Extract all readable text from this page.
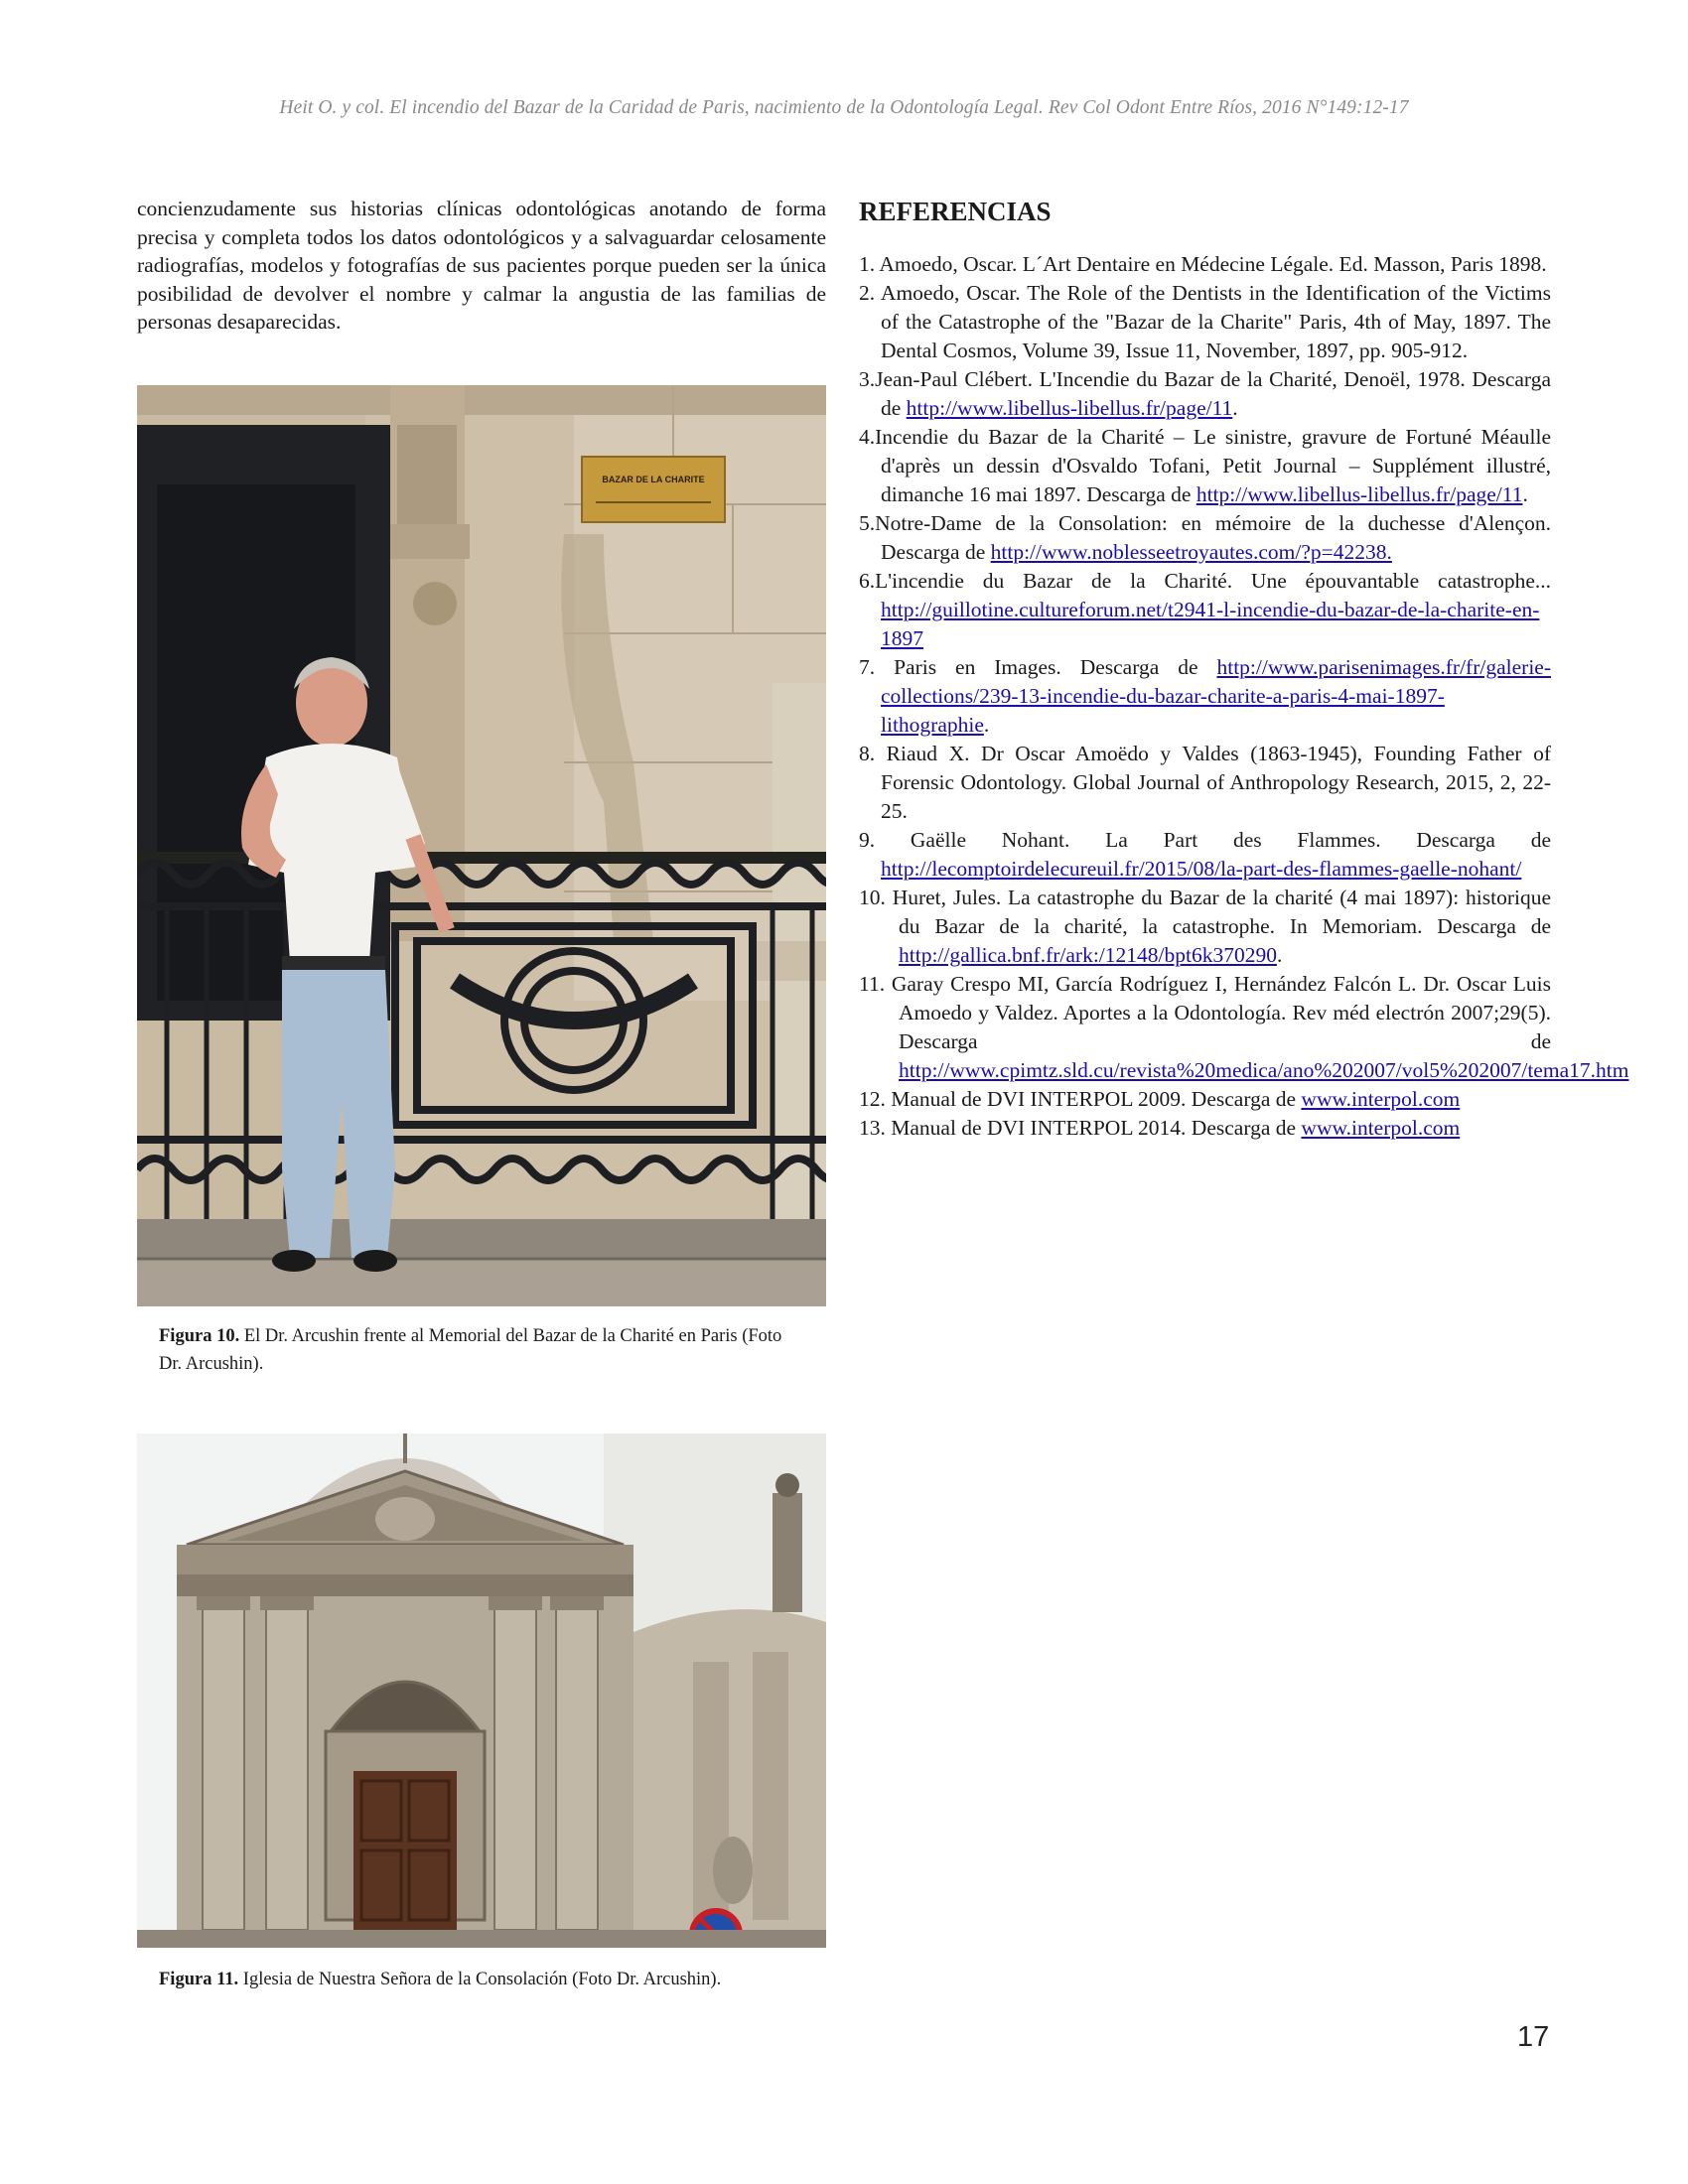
Heit O. y col. El incendio del Bazar de la Caridad de Paris, nacimiento de la Odontología Legal. Rev Col Odont Entre Ríos, 2016 N°149:12-17

concienzudamente sus historias clínicas odontológicas anotando de forma precisa y completa todos los datos odontológicos y a salvaguardar celosamente radiografías, modelos y fotografías de sus pacientes porque pueden ser la única posibilidad de devolver el nombre y calmar la angustia de las familias de personas desaparecidas.

BAZAR DE LA CHARITE
Figura 10. El Dr. Arcushin frente al Memorial del Bazar de la Charité en Paris (Foto Dr. Arcushin).
Figura 11. Iglesia de Nuestra Señora de la Consolación (Foto Dr. Arcushin).
REFERENCIAS
1. Amoedo, Oscar. L´Art Dentaire en Médecine Légale. Ed. Masson, Paris 1898.
2. Amoedo, Oscar. The Role of the Dentists in the Identification of the Victims of the Catastrophe of the "Bazar de la Charite" Paris, 4th of May, 1897. The Dental Cosmos, Volume 39, Issue 11, November, 1897, pp. 905-912.
3.Jean-Paul Clébert. L'Incendie du Bazar de la Charité, Denoël, 1978. Descarga de http://www.libellus-libellus.fr/page/11.
4.Incendie du Bazar de la Charité – Le sinistre, gravure de Fortuné Méaulle d'après un dessin d'Osvaldo Tofani, Petit Journal – Supplément illustré, dimanche 16 mai 1897. Descarga de http://www.libellus-libellus.fr/page/11.
5.Notre-Dame de la Consolation: en mémoire de la duchesse d'Alençon. Descarga de http://www.noblesseetroyautes.com/?p=42238.
6.L'incendie du Bazar de la Charité. Une épouvantable catastrophe... http://guillotine.cultureforum.net/t2941-l-incendie-du-bazar-de-la-charite-en-1897
7. Paris en Images. Descarga de http://www.parisenimages.fr/fr/galerie-collections/239-13-incendie-du-bazar-charite-a-paris-4-mai-1897-lithographie.
8. Riaud X. Dr Oscar Amoëdo y Valdes (1863-1945), Founding Father of Forensic Odontology. Global Journal of Anthropology Research, 2015, 2, 22-25.
9. Gaëlle Nohant. La Part des Flammes. Descarga de http://lecomptoirdelecureuil.fr/2015/08/la-part-des-flammes-gaelle-nohant/
10. Huret, Jules. La catastrophe du Bazar de la charité (4 mai 1897): historique du Bazar de la charité, la catastrophe. In Memoriam. Descarga de http://gallica.bnf.fr/ark:/12148/bpt6k370290.
11. Garay Crespo MI, García Rodríguez I, Hernández Falcón L. Dr. Oscar Luis Amoedo y Valdez. Aportes a la Odontología. Rev méd electrón 2007;29(5). Descarga de http://www.cpimtz.sld.cu/revista%20medica/ano%202007/vol5%202007/tema17.htm
12. Manual de DVI INTERPOL 2009. Descarga de www.interpol.com
13. Manual de DVI INTERPOL 2014. Descarga de www.interpol.com
17
